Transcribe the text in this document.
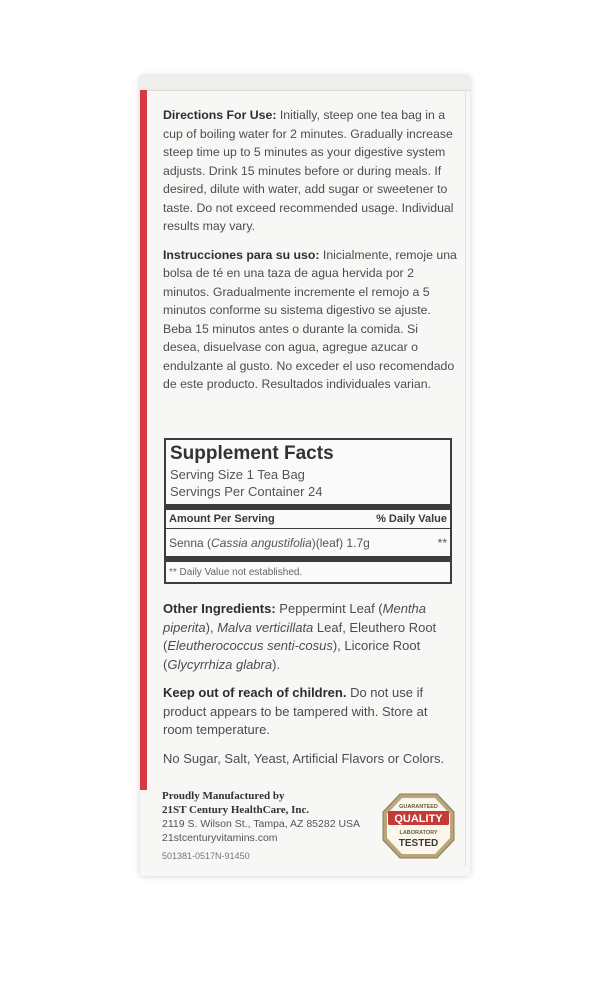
Directions For Use: Initially, steep one tea bag in a cup of boiling water for 2 minutes. Gradually increase steep time up to 5 minutes as your digestive system adjusts. Drink 15 minutes before or during meals. If desired, dilute with water, add sugar or sweetener to taste. Do not exceed recommended usage. Individual results may vary.

Instrucciones para su uso: Inicialmente, remoje una bolsa de té en una taza de agua hervida por 2 minutos. Gradualmente incremente el remojo a 5 minutos conforme su sistema digestivo se ajuste. Beba 15 minutos antes o durante la comida. Si desea, disuelvase con agua, agregue azucar o endulzante al gusto. No exceder el uso recomendado de este producto. Resultados individuales varian.

Supplement Facts
Serving Size 1 Tea Bag
Servings Per Container 24
Amount Per Serving	% Daily Value
Senna (Cassia angustifolia)(leaf) 1.7g	**
** Daily Value not established.

Other Ingredients: Peppermint Leaf (Mentha piperita), Malva verticillata Leaf, Eleuthero Root (Eleutherococcus senti-cosus), Licorice Root (Glycyrrhiza glabra).

Keep out of reach of children. Do not use if product appears to be tampered with. Store at room temperature.

No Sugar, Salt, Yeast, Artificial Flavors or Colors.

Proudly Manufactured by
21ST Century HealthCare, Inc.
2119 S. Wilson St., Tampa, AZ 85282 USA
21stcenturyvitamins.com
501381-0517N-91450
GUARANTEED
QUALITY
LABORATORY
TESTED
